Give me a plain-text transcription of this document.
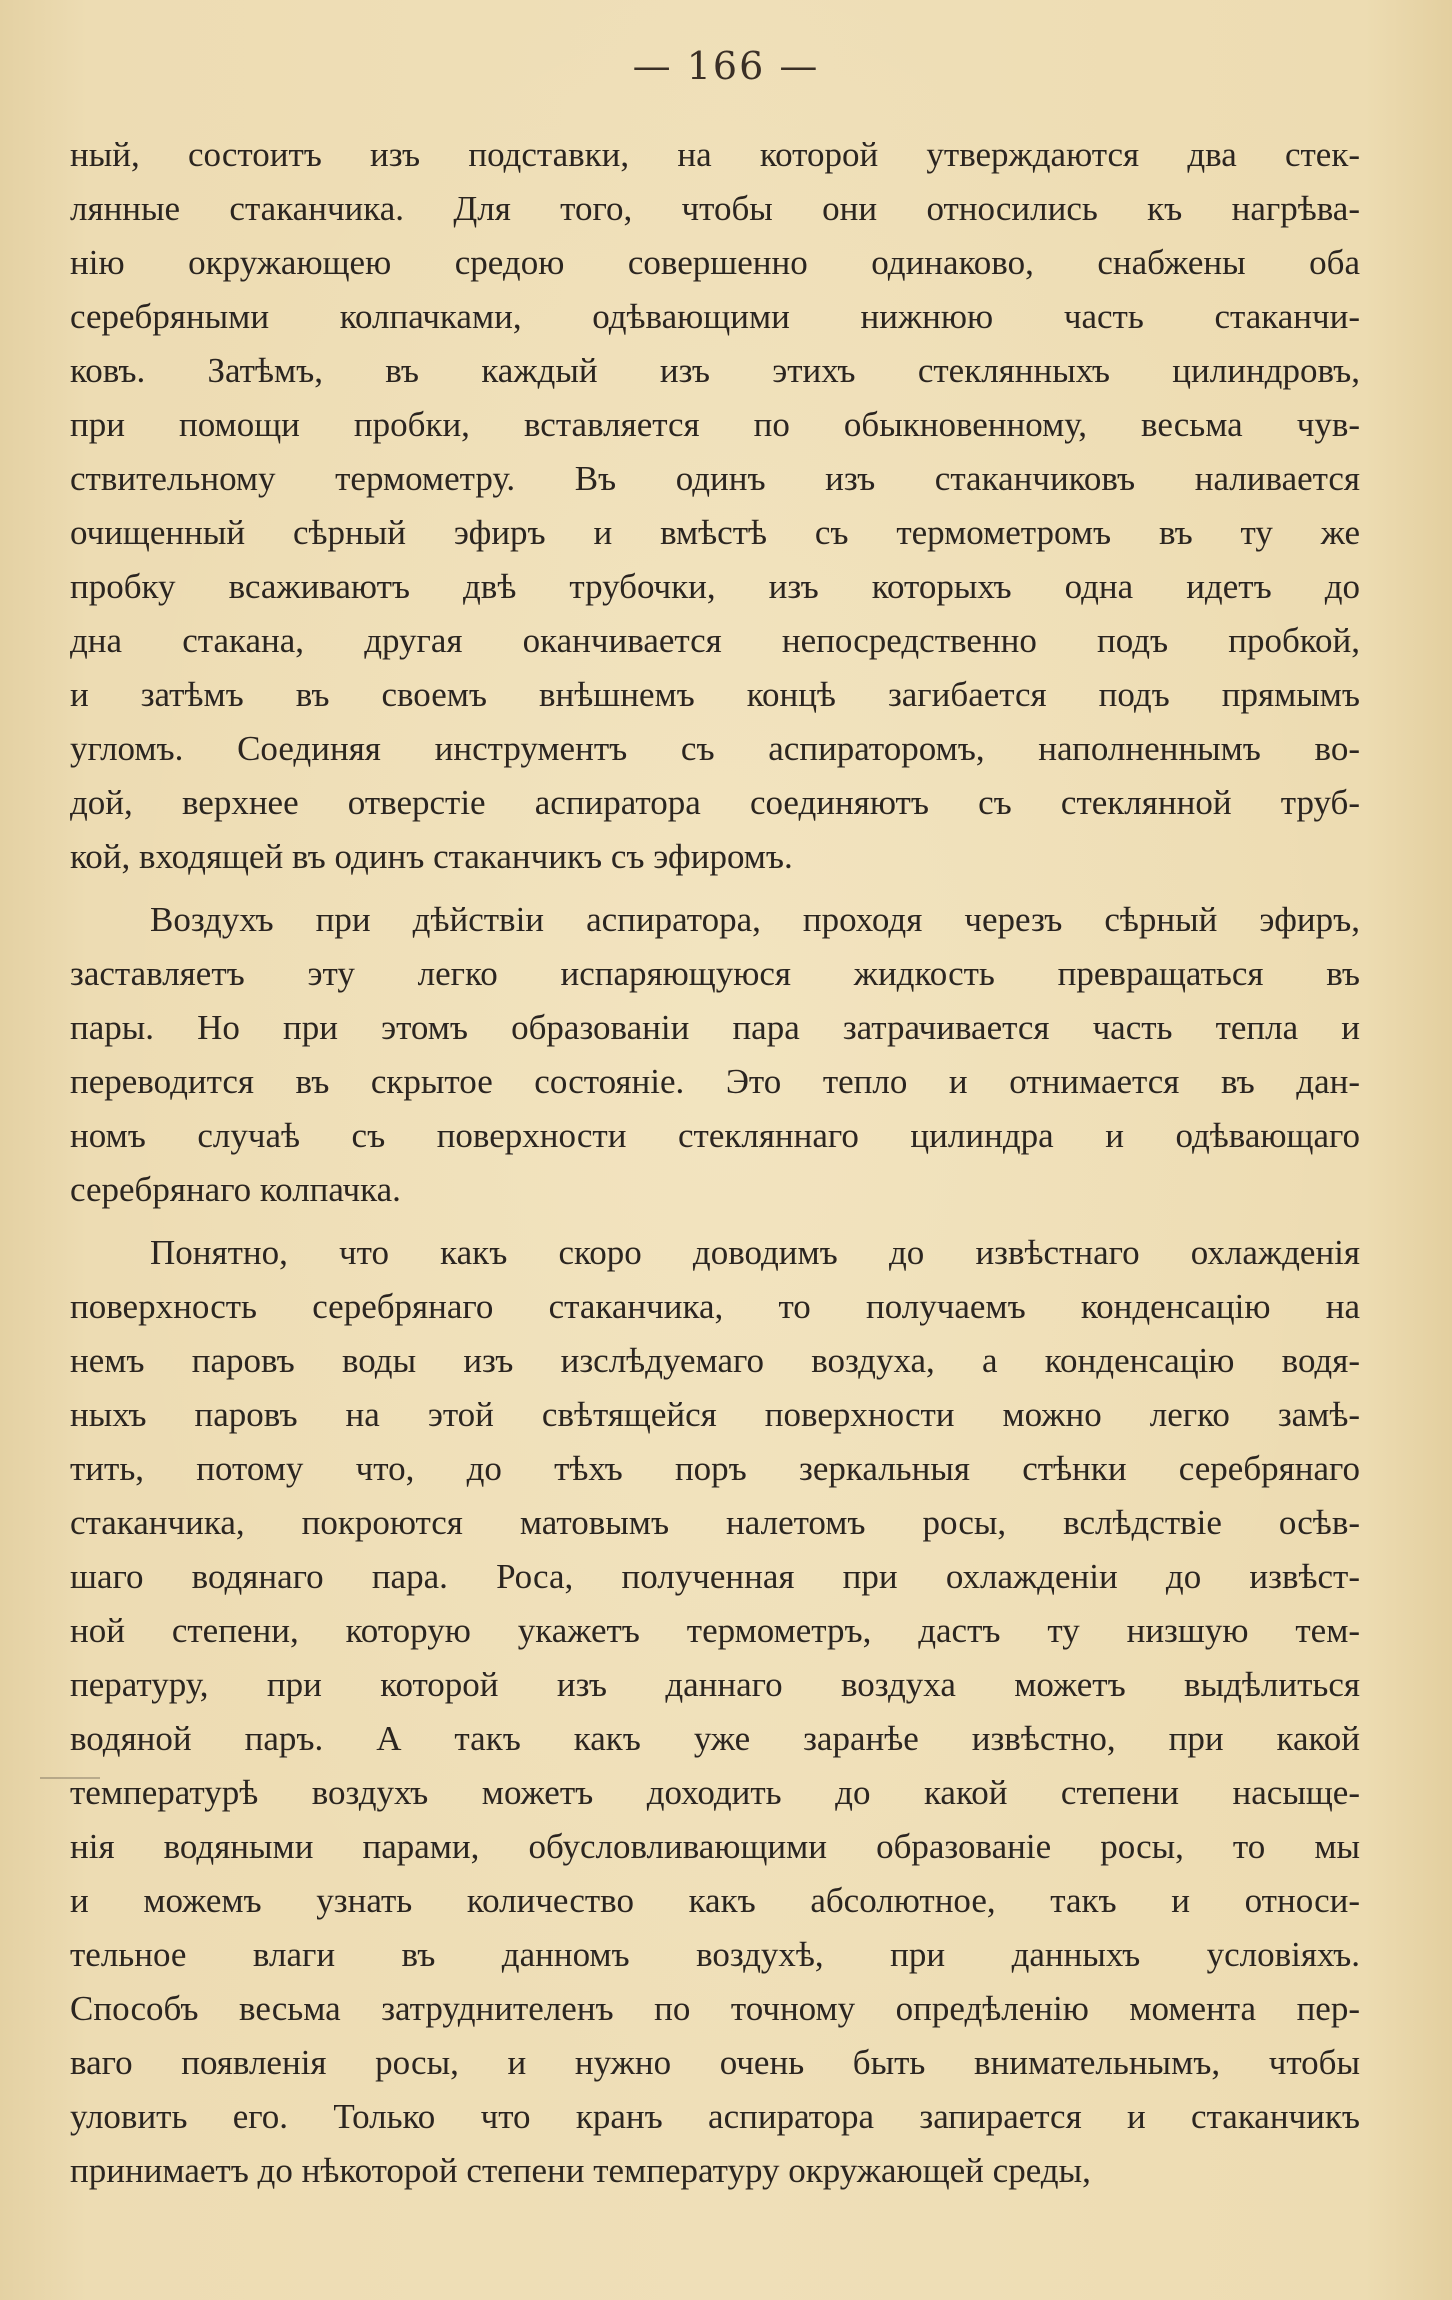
— 166 —
ный, состоитъ изъ подставки, на которой утверждаются два стек-
лянные стаканчика. Для того, чтобы они относились къ нагрѣва-
нію окружающею средою совершенно одинаково, снабжены оба
серебряными колпачками, одѣвающими нижнюю часть стаканчи-
ковъ. Затѣмъ, въ каждый изъ этихъ стеклянныхъ цилиндровъ,
при помощи пробки, вставляется по обыкновенному, весьма чув-
ствительному термометру. Въ одинъ изъ стаканчиковъ наливается
очищенный сѣрный эфиръ и вмѣстѣ съ термометромъ въ ту же
пробку всаживаютъ двѣ трубочки, изъ которыхъ одна идетъ до
дна стакана, другая оканчивается непосредственно подъ пробкой,
и затѣмъ въ своемъ внѣшнемъ концѣ загибается подъ прямымъ
угломъ. Соединяя инструментъ съ аспираторомъ, наполненнымъ во-
дой, верхнее отверстіе аспиратора соединяютъ съ стеклянной труб-
кой, входящей въ одинъ стаканчикъ съ эфиромъ.
Воздухъ при дѣйствіи аспиратора, проходя черезъ сѣрный эфиръ,
заставляетъ эту легко испаряющуюся жидкость превращаться въ
пары. Но при этомъ образованіи пара затрачивается часть тепла и
переводится въ скрытое состояніе. Это тепло и отнимается въ дан-
номъ случаѣ съ поверхности стекляннаго цилиндра и одѣвающаго
серебрянаго колпачка.
Понятно, что какъ скоро доводимъ до извѣстнаго охлажденія
поверхность серебрянаго стаканчика, то получаемъ конденсацію на
немъ паровъ воды изъ изслѣдуемаго воздуха, а конденсацію водя-
ныхъ паровъ на этой свѣтящейся поверхности можно легко замѣ-
тить, потому что, до тѣхъ поръ зеркальныя стѣнки серебрянаго
стаканчика, покроются матовымъ налетомъ росы, вслѣдствіе осѣв-
шаго водянаго пара. Роса, полученная при охлажденіи до извѣст-
ной степени, которую укажетъ термометръ, дастъ ту низшую тем-
пературу, при которой изъ даннаго воздуха можетъ выдѣлиться
водяной паръ. А такъ какъ уже заранѣе извѣстно, при какой
температурѣ воздухъ можетъ доходить до какой степени насыще-
нія водяными парами, обусловливающими образованіе росы, то мы
и можемъ узнать количество какъ абсолютное, такъ и относи-
тельное влаги въ данномъ воздухѣ, при данныхъ условіяхъ.
Способъ весьма затруднителенъ по точному опредѣленію момента пер-
ваго появленія росы, и нужно очень быть внимательнымъ, чтобы
уловить его. Только что кранъ аспиратора запирается и стаканчикъ
принимаетъ до нѣкоторой степени температуру окружающей среды,
